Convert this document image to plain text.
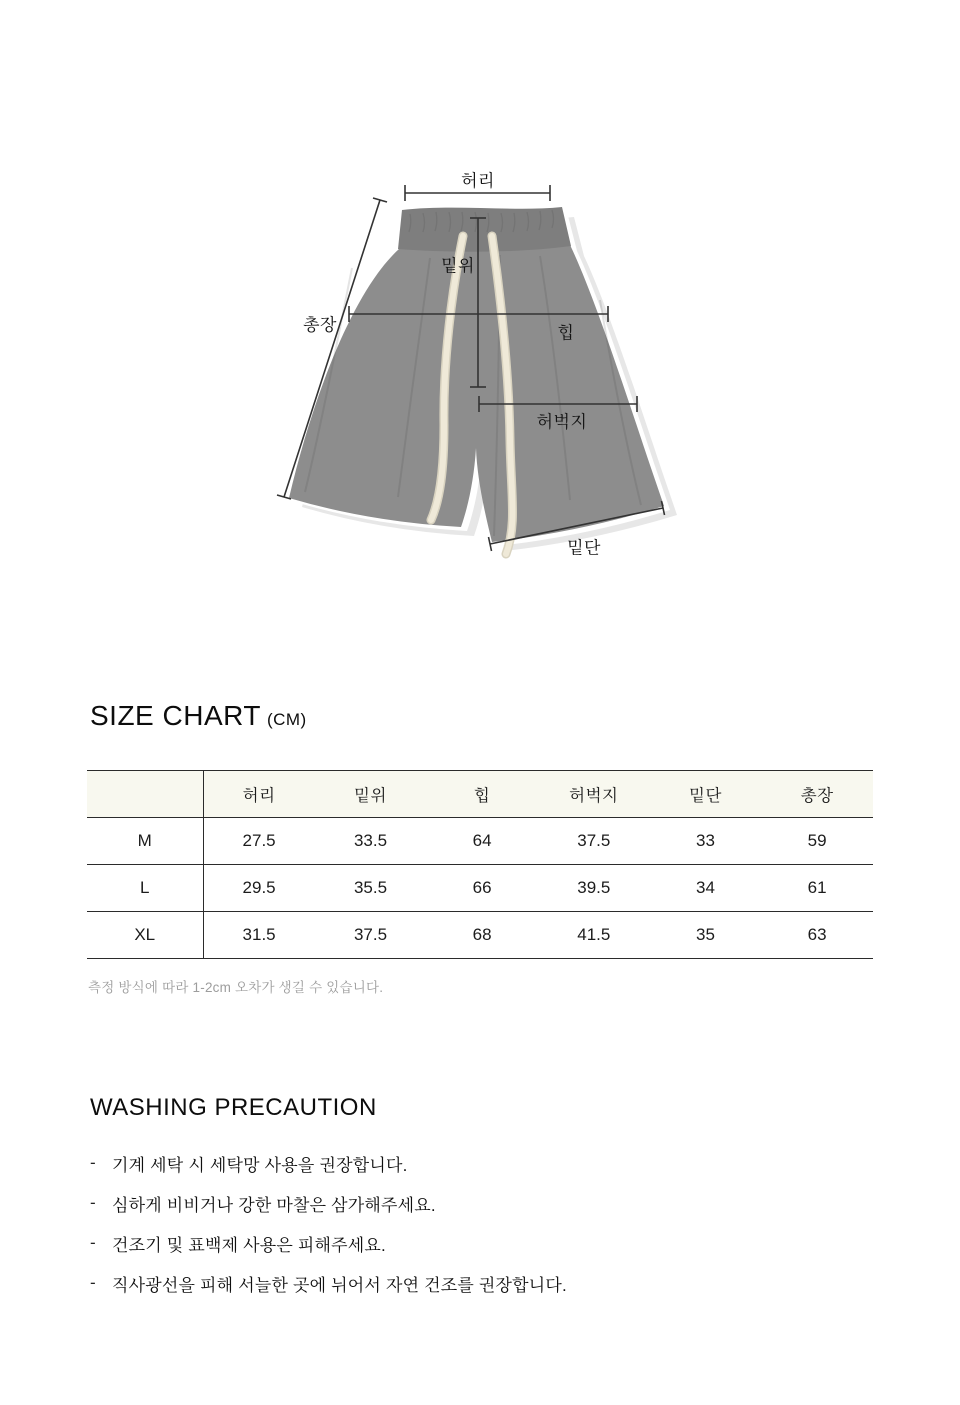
허리
밑위
총장	힙
허벅지
밑단
SIZE CHART (CM)
	허리	밑위	힙	허벅지	밑단	총장
M	27.5	33.5	64	37.5	33	59
L	29.5	35.5	66	39.5	34	61
XL	31.5	37.5	68	41.5	35	63
측정 방식에 따라 1-2cm 오차가 생길 수 있습니다.
WASHING PRECAUTION
- 기계 세탁 시 세탁망 사용을 권장합니다.
- 심하게 비비거나 강한 마찰은 삼가해주세요.
- 건조기 및 표백제 사용은 피해주세요.
- 직사광선을 피해 서늘한 곳에 뉘어서 자연 건조를 권장합니다.
